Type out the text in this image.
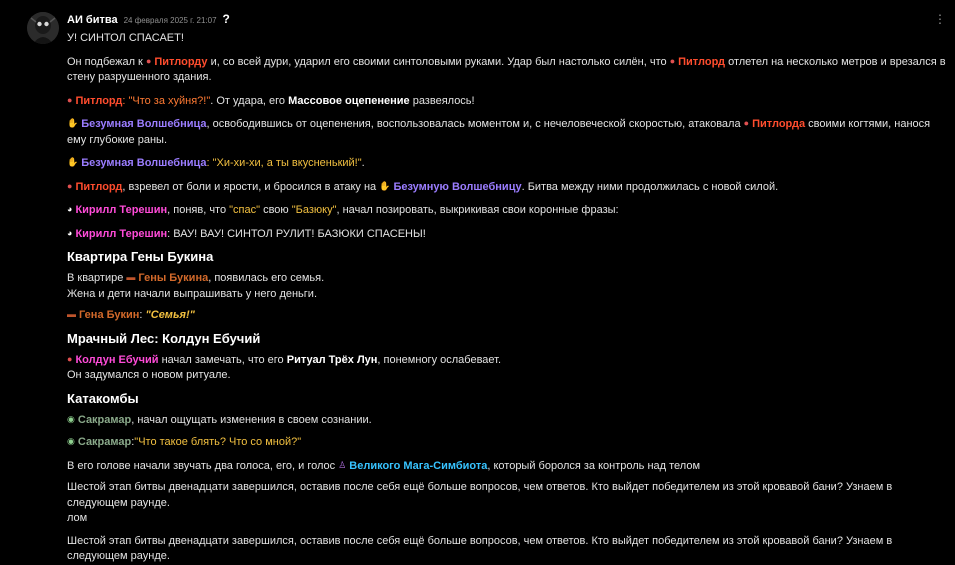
АИ битва 24 февраля 2025 г. 21:07 ?	⋮

У! СИНТОЛ СПАСАЕТ!

Он подбежал к ● Питлорду и, со всей дури, ударил его своими синтоловыми руками. Удар был настолько силён, что ● Питлорд отлетел на несколько метров и врезался в стену разрушенного здания.

● Питлорд: "Что за хуйня?!". От удара, его Массовое оцепенение развеялось!

✋ Безумная Волшебница, освободившись от оцепенения, воспользовалась моментом и, с нечеловеческой скоростью, атаковала ● Питлорда своими когтями, нанося ему глубокие раны.

✋ Безумная Волшебница: "Хи-хи-хи, а ты вкусненький!".

● Питлорд, взревел от боли и ярости, и бросился в атаку на ✋ Безумную Волшебницу. Битва между ними продолжилась с новой силой.

◕ Кирилл Терешин, поняв, что "спас" свою "Базюку", начал позировать, выкрикивая свои коронные фразы:

◕ Кирилл Терешин: ВАУ! ВАУ! СИНТОЛ РУЛИТ! БАЗЮКИ СПАСЕНЫ!

Квартира Гены Букина

В квартире ▬ Гены Букина, появилась его семья.

Жена и дети начали выпрашивать у него деньги.

▬ Гена Букин: "Семья!"

Мрачный Лес: Колдун Ебучий

● Колдун Ебучий начал замечать, что его Ритуал Трёх Лун, понемногу ослабевает.

Он задумался о новом ритуале.

Катакомбы

◉ Сакрамар, начал ощущать изменения в своем сознании.

◉ Сакрамар:"Что такое блять? Что со мной?"

В его голове начали звучать два голоса, его, и голос ♙ Великого Мага-Симбиота, который боролся за контроль над телом

Шестой этап битвы двенадцати завершился, оставив после себя ещё больше вопросов, чем ответов. Кто выйдет победителем из этой кровавой бани? Узнаем в следующем раунде.

лом

Шестой этап битвы двенадцати завершился, оставив после себя ещё больше вопросов, чем ответов. Кто выйдет победителем из этой кровавой бани? Узнаем в следующем раунде.
